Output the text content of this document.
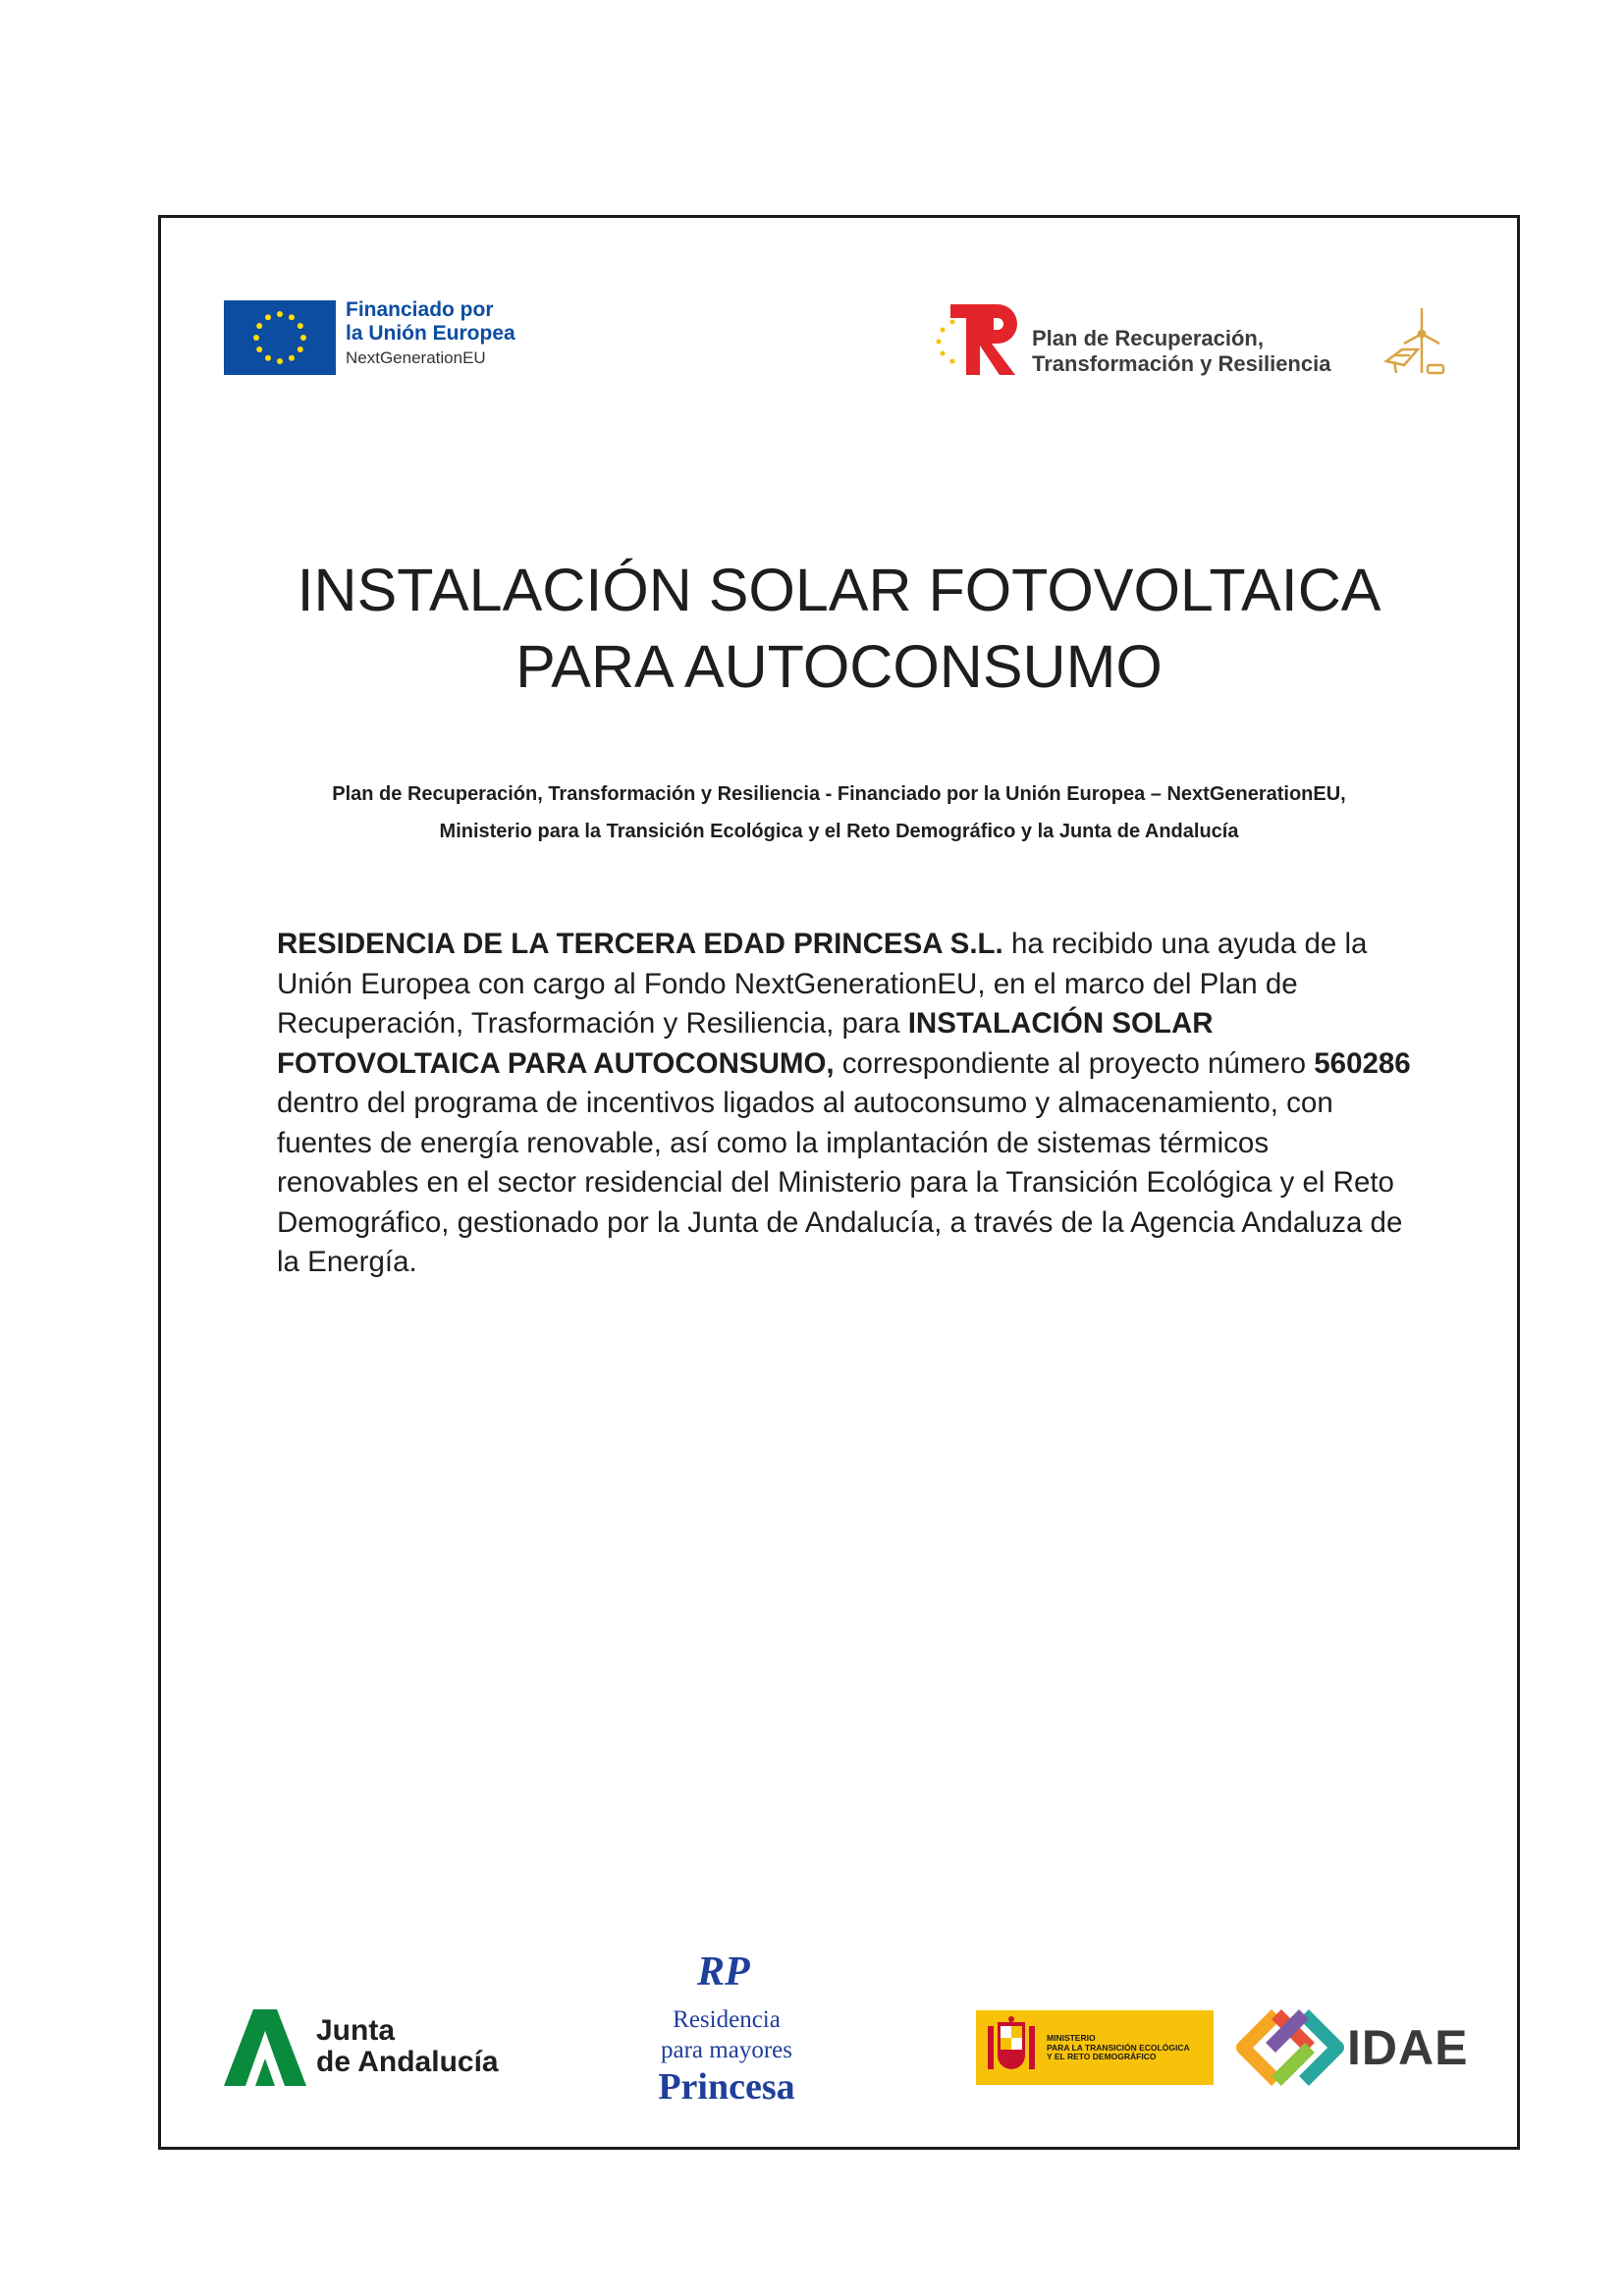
Financiado por
la Unión Europea
NextGenerationEU
Plan de Recuperación,
Transformación y Resiliencia
INSTALACIÓN SOLAR FOTOVOLTAICA
PARA AUTOCONSUMO
Plan de Recuperación, Transformación y Resiliencia - Financiado por la Unión Europea – NextGenerationEU,
Ministerio para la Transición Ecológica y el Reto Demográfico y la Junta de Andalucía
RESIDENCIA DE LA TERCERA EDAD PRINCESA S.L. ha recibido una ayuda de la Unión Europea con cargo al Fondo NextGenerationEU, en el marco del Plan de Recuperación, Trasformación y Resiliencia, para INSTALACIÓN SOLAR FOTOVOLTAICA PARA AUTOCONSUMO, correspondiente al proyecto número 560286 dentro del programa de incentivos ligados al autoconsumo y almacenamiento, con fuentes de energía renovable, así como la implantación de sistemas térmicos renovables en el sector residencial del Ministerio para la Transición Ecológica y el Reto Demográfico, gestionado por la Junta de Andalucía, a través de la Agencia Andaluza de la Energía.
Junta
de Andalucía
RP
Residencia
para mayores
Princesa
MINISTERIO
PARA LA TRANSICIÓN ECOLÓGICA
Y EL RETO DEMOGRÁFICO	IDAE
